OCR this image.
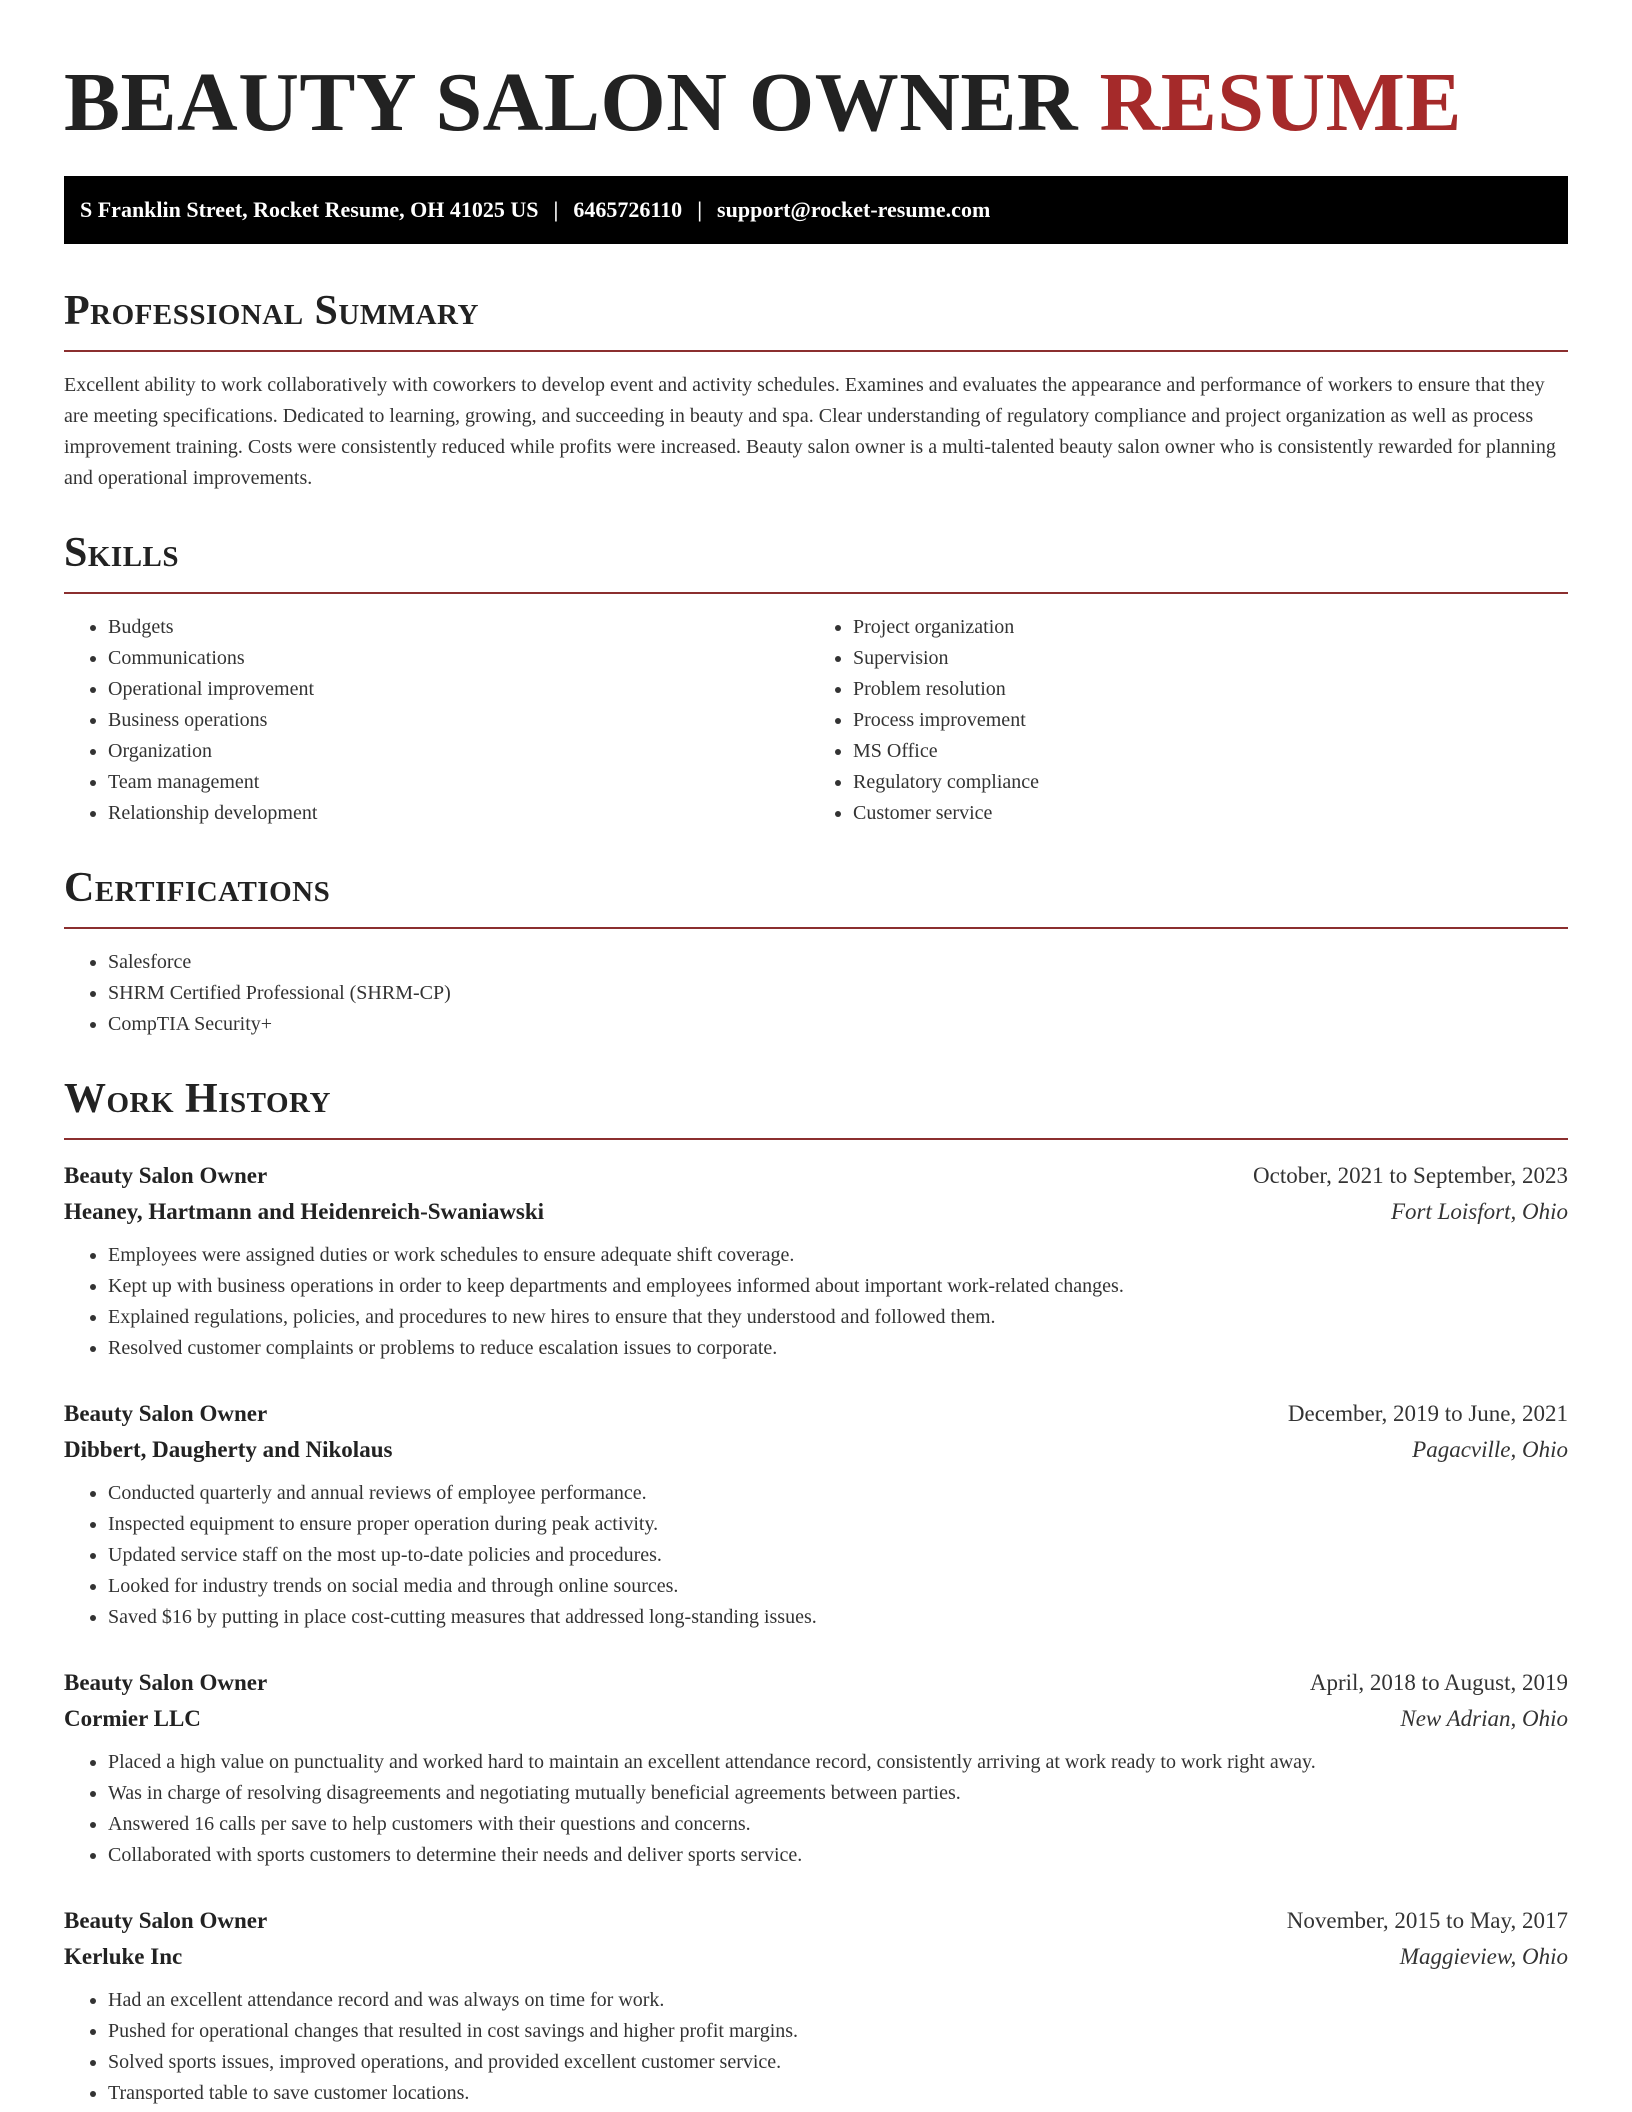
BEAUTY SALON OWNER RESUME
S Franklin Street, Rocket Resume, OH 41025 US | 6465726110 | support@rocket-resume.com
Professional Summary

Excellent ability to work collaboratively with coworkers to develop event and activity schedules. Examines and evaluates the appearance and performance of workers to ensure that they are meeting specifications. Dedicated to learning, growing, and succeeding in beauty and spa. Clear understanding of regulatory compliance and project organization as well as process improvement training. Costs were consistently reduced while profits were increased. Beauty salon owner is a multi-talented beauty salon owner who is consistently rewarded for planning and operational improvements.

Skills
• Budgets
• Communications
• Operational improvement
• Business operations
• Organization
• Team management
• Relationship development
• Project organization
• Supervision
• Problem resolution
• Process improvement
• MS Office
• Regulatory compliance
• Customer service
Certifications
• Salesforce
• SHRM Certified Professional (SHRM-CP)
• CompTIA Security+
Work History
Beauty Salon Owner	October, 2021 to September, 2023
Heaney, Hartmann and Heidenreich-Swaniawski	Fort Loisfort, Ohio
• Employees were assigned duties or work schedules to ensure adequate shift coverage.
• Kept up with business operations in order to keep departments and employees informed about important work-related changes.
• Explained regulations, policies, and procedures to new hires to ensure that they understood and followed them.
• Resolved customer complaints or problems to reduce escalation issues to corporate.
Beauty Salon Owner	December, 2019 to June, 2021
Dibbert, Daugherty and Nikolaus	Pagacville, Ohio
• Conducted quarterly and annual reviews of employee performance.
• Inspected equipment to ensure proper operation during peak activity.
• Updated service staff on the most up-to-date policies and procedures.
• Looked for industry trends on social media and through online sources.
• Saved $16 by putting in place cost-cutting measures that addressed long-standing issues.
Beauty Salon Owner	April, 2018 to August, 2019
Cormier LLC	New Adrian, Ohio
• Placed a high value on punctuality and worked hard to maintain an excellent attendance record, consistently arriving at work ready to work right away.
• Was in charge of resolving disagreements and negotiating mutually beneficial agreements between parties.
• Answered 16 calls per save to help customers with their questions and concerns.
• Collaborated with sports customers to determine their needs and deliver sports service.
Beauty Salon Owner	November, 2015 to May, 2017
Kerluke Inc	Maggieview, Ohio
• Had an excellent attendance record and was always on time for work.
• Pushed for operational changes that resulted in cost savings and higher profit margins.
• Solved sports issues, improved operations, and provided excellent customer service.
• Transported table to save customer locations.
